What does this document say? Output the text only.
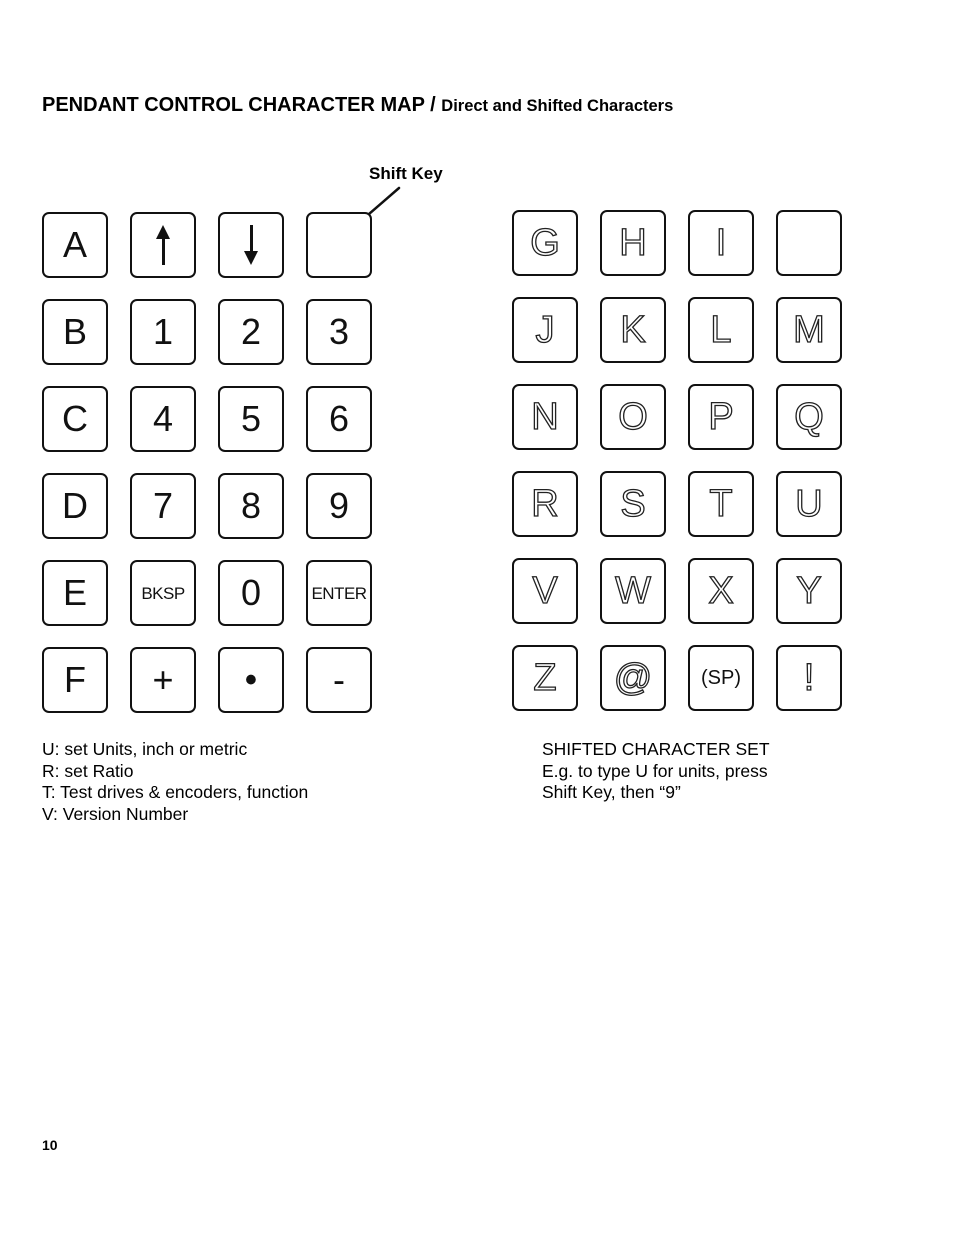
PENDANT CONTROL CHARACTER MAP / Direct and Shifted Characters
Shift Key
A
B 1 2 3
C 4 5 6
D 7 8 9
E	BKSP 0	ENTER
F + • -
G H I
J K L M
N O P Q
R S T U
V W X Y
Z @ (SP) !
U: set Units, inch or metric
R: set Ratio
T: Test drives & encoders, function
V: Version Number
SHIFTED CHARACTER SET
E.g. to type U for units, press
Shift Key, then “9”
10
